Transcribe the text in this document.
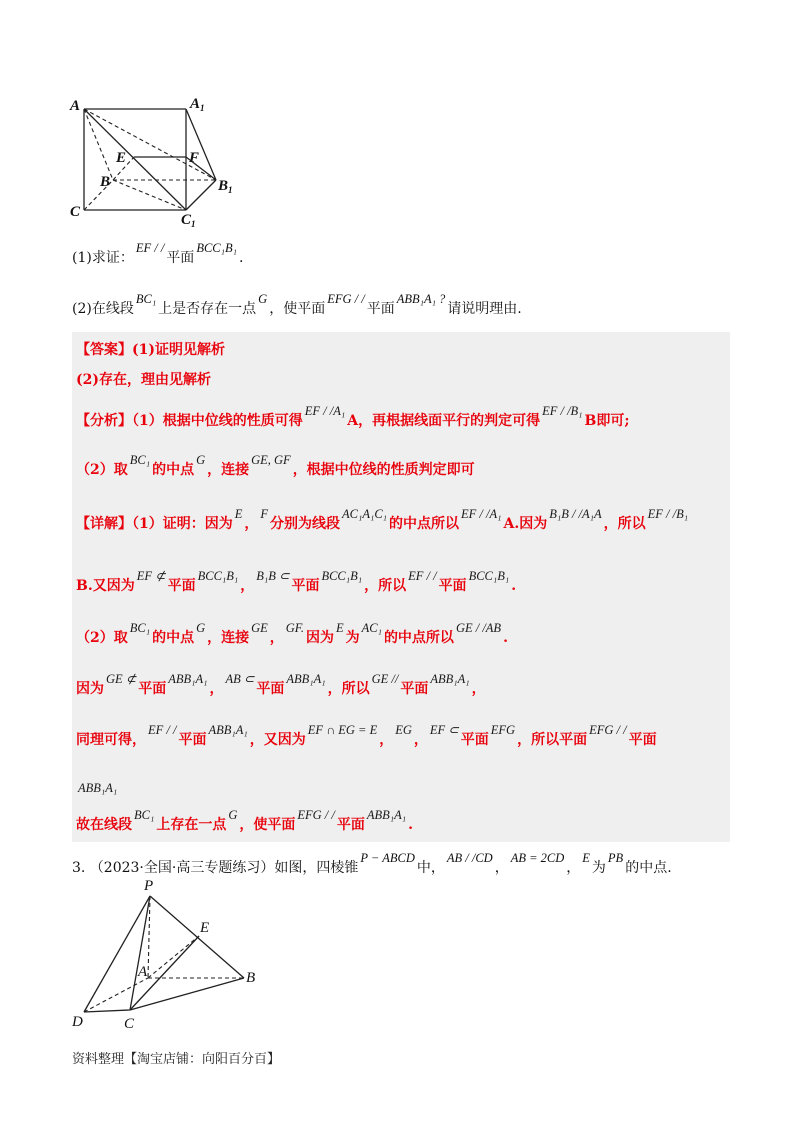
A	$A_1$
E	F
B	$B_1$
C	$C_1$
(1)求证：EF / /平面BCC₁B₁.
(2)在线段BC₁上是否存在一点G，使平面EFG / /平面ABB₁A₁ ?请说明理由.
【答案】(1)证明见解析
(2)存在，理由见解析
【分析】（1）根据中位线的性质可得EF / /A₁A，再根据线面平行的判定可得EF / /B₁B即可;
（2）取BC₁的中点G，连接GE, GF，根据中位线的性质判定即可
【详解】（1）证明：因为E，F分别为线段AC₁A₁C₁的中点所以EF / /A₁A.因为B₁B / /A₁A，所以EF / /B₁
B.又因为EF ⊄平面BCC₁B₁，B₁B ⊂平面BCC₁B₁，所以EF / /平面BCC₁B₁.
（2）取BC₁的中点G，连接GE，GF.因为E为AC₁的中点所以GE / /AB.
因为GE ⊄平面ABB₁A₁，AB ⊂平面ABB₁A₁，所以GE //平面ABB₁A₁，
同理可得，EF / /平面ABB₁A₁，又因为EF ∩ EG = E，EG，EF ⊂平面EFG，所以平面EFG / /平面
ABB₁A₁
故在线段BC₁上存在一点G，使平面EFG / /平面ABB₁A₁.
3. （2023·全国·高三专题练习）如图，四棱锥P − ABCD中，AB / /CD，AB = 2CD，E为PB的中点.
P
E
A	B
D	C
资料整理【淘宝店铺：向阳百分百】
